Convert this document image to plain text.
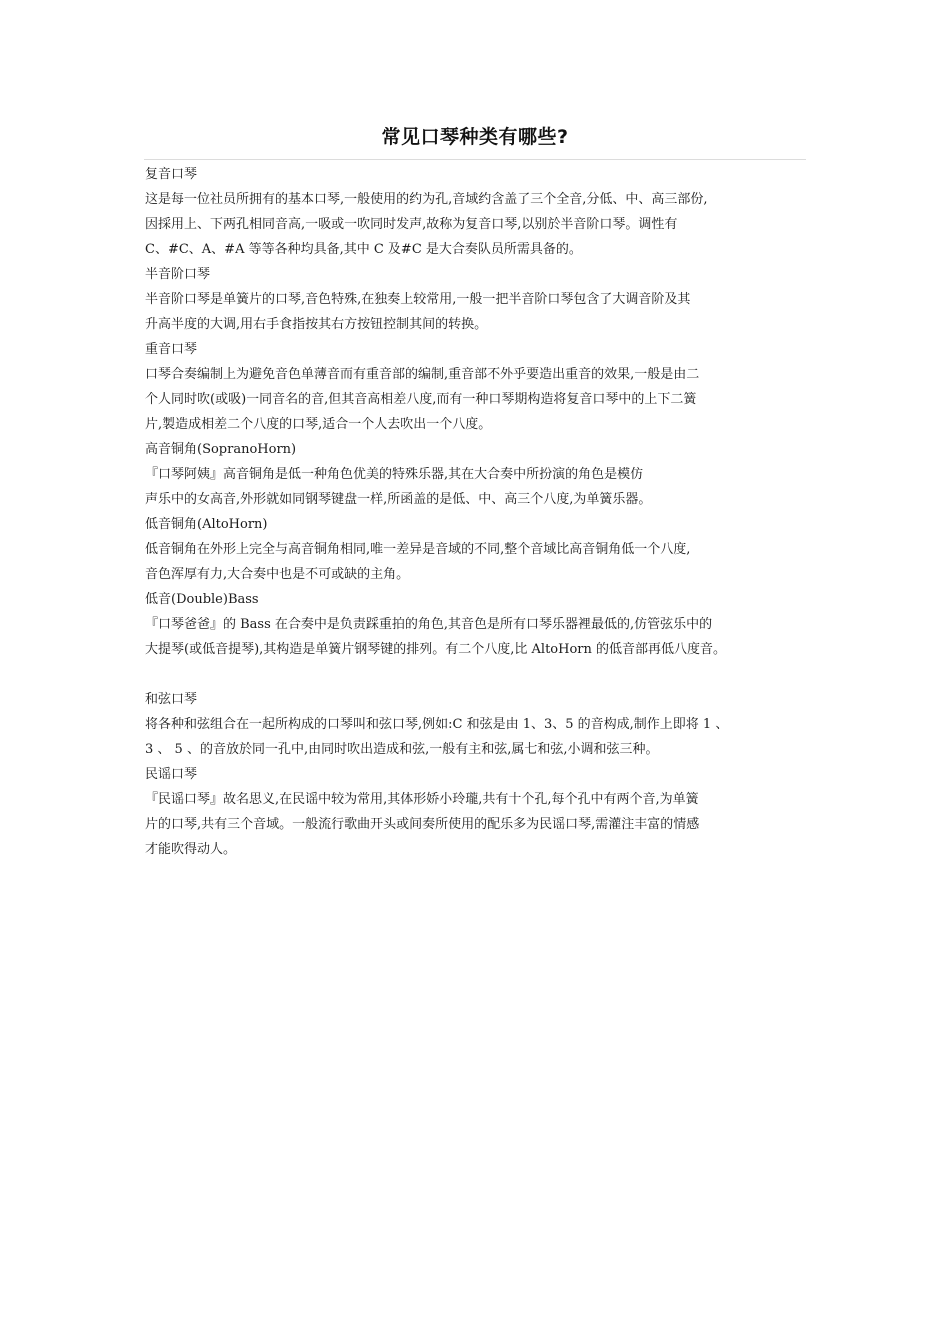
常见口琴种类有哪些?
复音口琴
这是每一位社员所拥有的基本口琴,一般使用的约为孔,音域约含盖了三个全音,分低、中、高三部份,
因採用上、下两孔相同音高,一吸或一吹同时发声,故称为复音口琴,以别於半音阶口琴。调性有
C、#C、A、#A 等等各种均具备,其中 C 及#C 是大合奏队员所需具备的。
半音阶口琴
半音阶口琴是单簧片的口琴,音色特殊,在独奏上较常用,一般一把半音阶口琴包含了大调音阶及其
升高半度的大调,用右手食指按其右方按钮控制其间的转换。
重音口琴
口琴合奏编制上为避免音色单薄音而有重音部的编制,重音部不外乎要造出重音的效果,一般是由二
个人同时吹(或吸)一同音名的音,但其音高相差八度,而有一种口琴期构造将复音口琴中的上下二簧
片,製造成相差二个八度的口琴,适合一个人去吹出一个八度。
高音铜角(SopranoHorn)
『口琴阿姨』高音铜角是低一种角色优美的特殊乐器,其在大合奏中所扮演的角色是模仿
声乐中的女高音,外形就如同钢琴键盘一样,所函盖的是低、中、高三个八度,为单簧乐器。
低音铜角(AltoHorn)
低音铜角在外形上完全与高音铜角相同,唯一差异是音域的不同,整个音域比高音铜角低一个八度,
音色浑厚有力,大合奏中也是不可或缺的主角。
低音(Double)Bass
『口琴爸爸』的 Bass 在合奏中是负责踩重拍的角色,其音色是所有口琴乐器裡最低的,仿管弦乐中的
大提琴(或低音提琴),其构造是单簧片钢琴键的排列。有二个八度,比 AltoHorn 的低音部再低八度音。
和弦口琴
将各种和弦组合在一起所构成的口琴叫和弦口琴,例如:C 和弦是由 1、3、5 的音构成,制作上即将 1 、
3 、 5 、的音放於同一孔中,由同时吹出造成和弦,一般有主和弦,属七和弦,小调和弦三种。
民谣口琴
『民谣口琴』故名思义,在民谣中较为常用,其体形娇小玲瓏,共有十个孔,每个孔中有两个音,为单簧
片的口琴,共有三个音域。一般流行歌曲开头或间奏所使用的配乐多为民谣口琴,需灌注丰富的情感
才能吹得动人。
